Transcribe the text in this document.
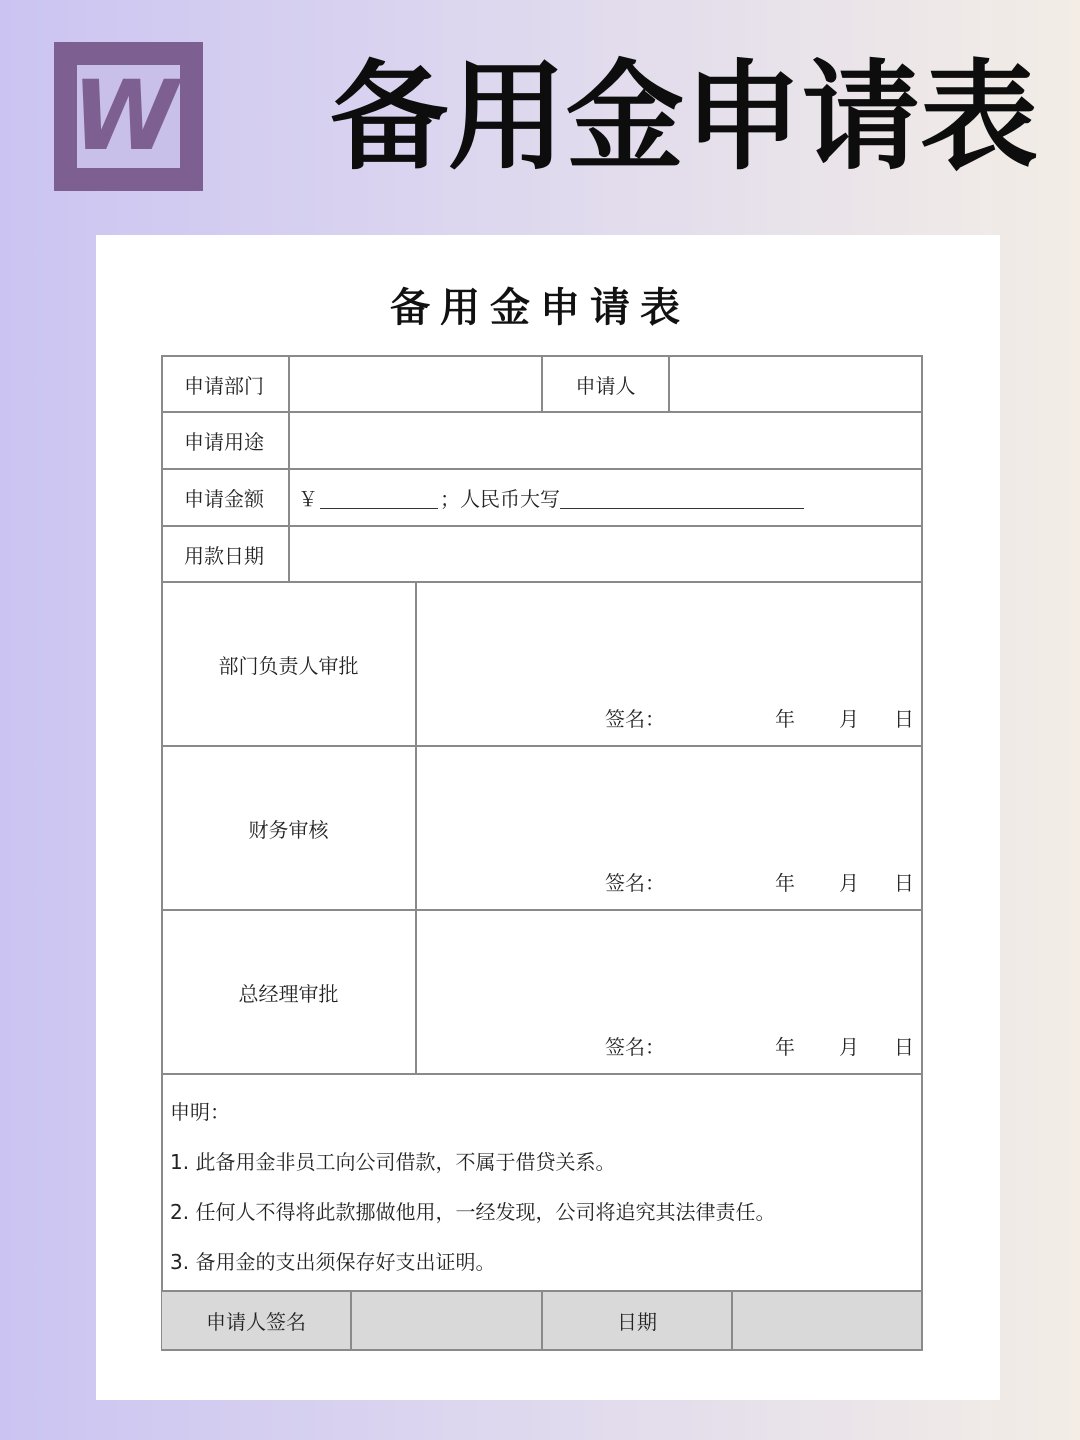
W 备用金申请表
备用金申请表
申请部门	申请人
申请用途
申请金额	￥	；人民币大写
用款日期
部门负责人审批
签名：	年 月 日
财务审核
签名：	年 月 日
总经理审批
签名：	年 月 日
申明：
1. 此备用金非员工向公司借款，不属于借贷关系。
2. 任何人不得将此款挪做他用，一经发现，公司将追究其法律责任。
3. 备用金的支出须保存好支出证明。
申请人签名	日期
